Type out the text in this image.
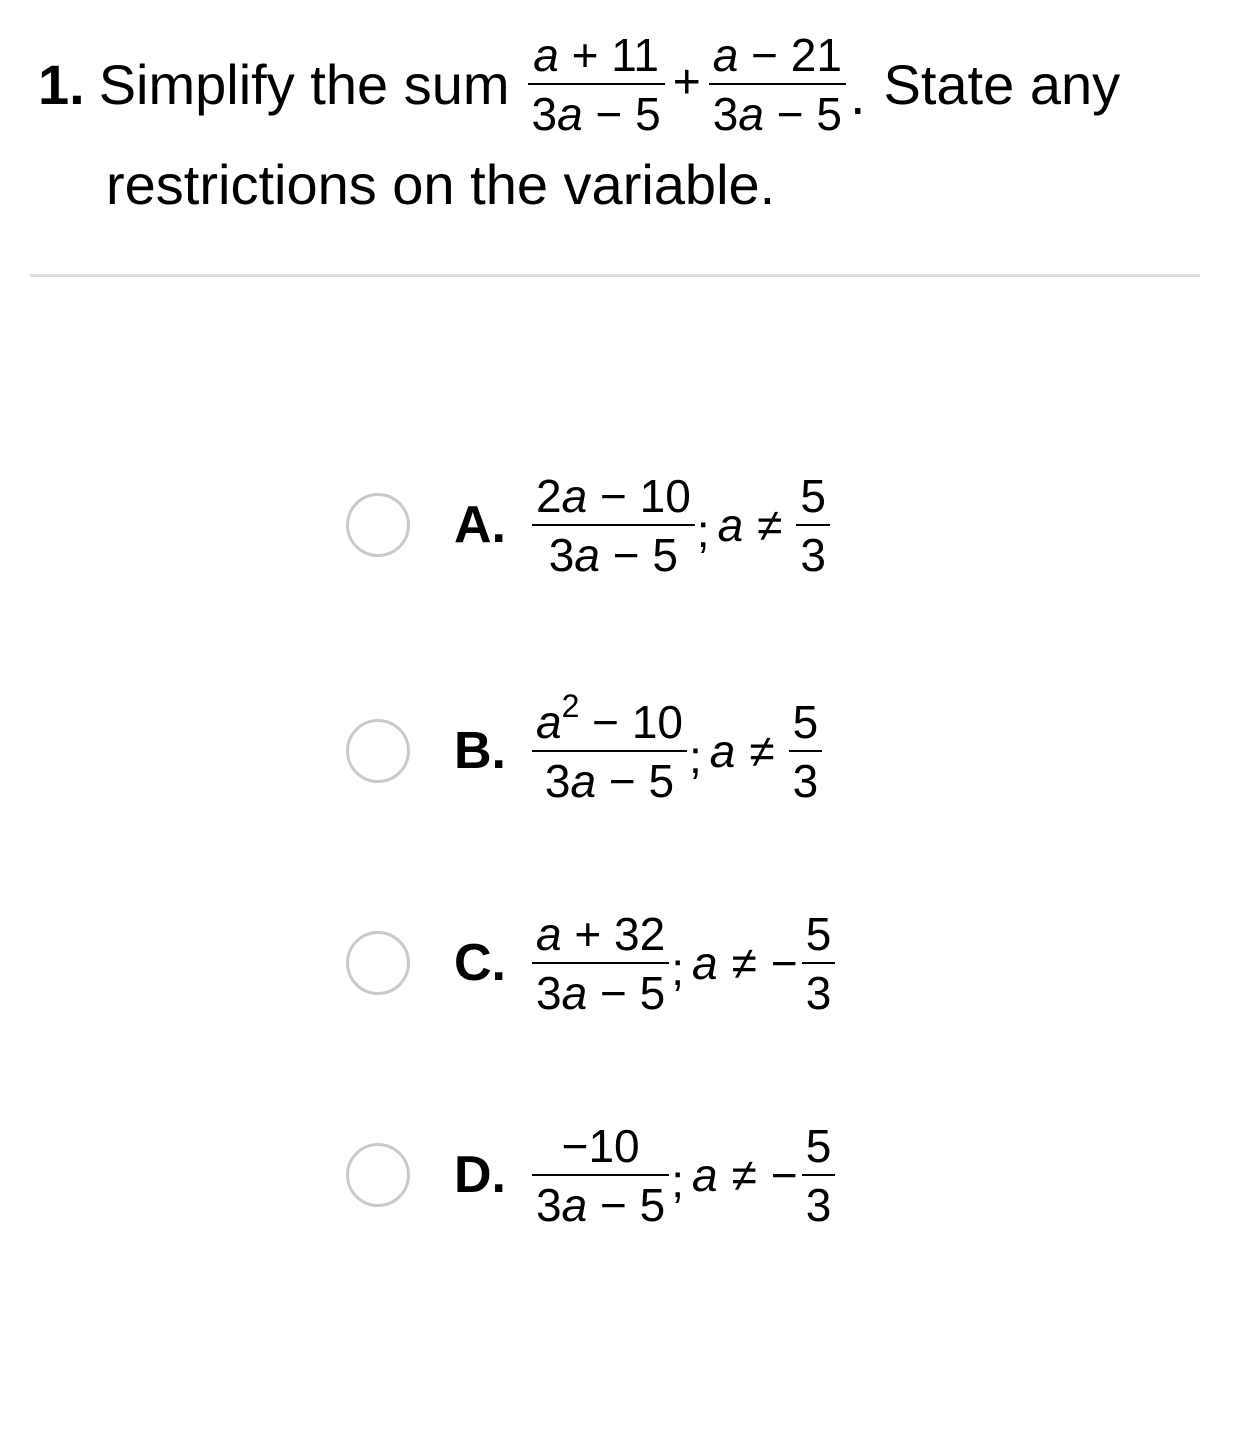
1. Simplify the sum $\frac{a + 11}{3a - 5} + \frac{a - 21}{3a - 5}$ . State any
restrictions on the variable.
A. $\frac{2a - 10}{3a - 5}$ ; $a \ne \frac{5}{3}$
B. $\frac{a^2 - 10}{3a - 5}$ ; $a \ne \frac{5}{3}$
C. $\frac{a + 32}{3a - 5}$ ; a ≠ − $\frac{5}{3}$
D. $\frac{-10}{3a - 5}$ ; a ≠ − $\frac{5}{3}$
